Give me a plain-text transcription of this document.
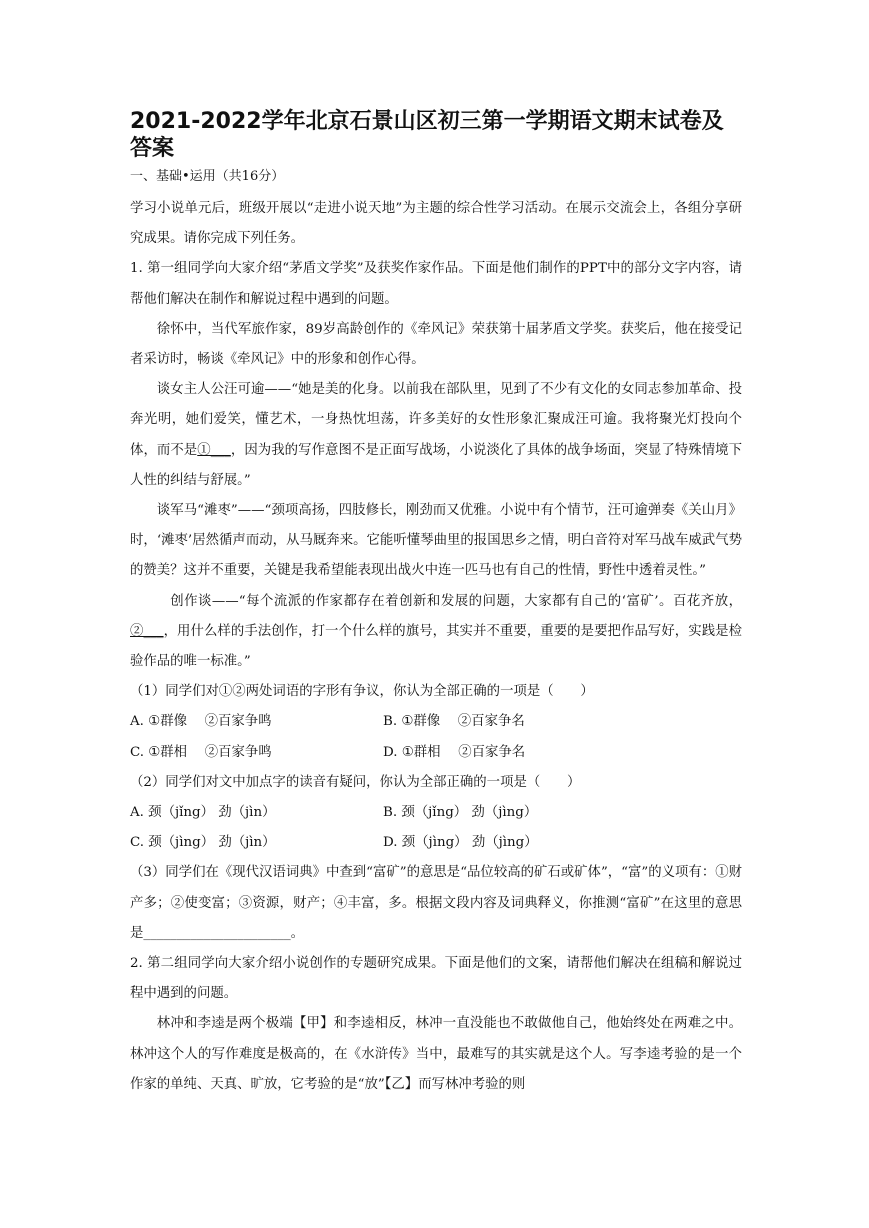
2021-2022学年北京石景山区初三第一学期语文期末试卷及答案
一、基础•运用（共16分）

学习小说单元后，班级开展以“走进小说天地”为主题的综合性学习活动。在展示交流会上，各组分享研究成果。请你完成下列任务。

1. 第一组同学向大家介绍“茅盾文学奖”及获奖作家作品。下面是他们制作的PPT中的部分文字内容，请帮他们解决在制作和解说过程中遇到的问题。

徐怀中，当代军旅作家，89岁高龄创作的《牵风记》荣获第十届茅盾文学奖。获奖后，他在接受记者采访时，畅谈《牵风记》中的形象和创作心得。

谈女主人公汪可逾——“她是美的化身。以前我在部队里，见到了不少有文化的女同志参加革命、投奔光明，她们爱笑，懂艺术，一身热忱坦荡，许多美好的女性形象汇聚成汪可逾。我将聚光灯投向个体，而不是①___，因为我的写作意图不是正面写战场，小说淡化了具体的战争场面，突显了特殊情境下人性的纠结与舒展。”

谈军马“滩枣”——“颈项高扬，四肢修长，刚劲而又优雅。小说中有个情节，汪可逾弹奏《关山月》时，‘滩枣’居然循声而动，从马厩奔来。它能听懂琴曲里的报国思乡之情，明白音符对军马战车威武气势的赞美？这并不重要，关键是我希望能表现出战火中连一匹马也有自己的性情，野性中透着灵性。”

创作谈——“每个流派的作家都存在着创新和发展的问题，大家都有自己的‘富矿’。百花齐放，②___，用什么样的手法创作，打一个什么样的旗号，其实并不重要，重要的是要把作品写好，实践是检验作品的唯一标准。”

（1）同学们对①②两处词语的字形有争议，你认为全部正确的一项是（　　）
A. ①群像　 ②百家争鸣	B. ①群像　 ②百家争名
C. ①群相　 ②百家争鸣	D. ①群相　 ②百家争名
（2）同学们对文中加点字的读音有疑问，你认为全部正确的一项是（　　）
A. 颈（jǐng） 劲（jìn）	B. 颈（jǐng） 劲（jìng）
C. 颈（jìng） 劲（jìn）	D. 颈（jìng） 劲（jìng）

（3）同学们在《现代汉语词典》中查到“富矿”的意思是“品位较高的矿石或矿体”，“富”的义项有：①财产多；②使变富；③资源，财产；④丰富，多。根据文段内容及词典释义，你推测“富矿”在这里的意思是______________________。

2. 第二组同学向大家介绍小说创作的专题研究成果。下面是他们的文案，请帮他们解决在组稿和解说过程中遇到的问题。

林冲和李逵是两个极端【甲】和李逵相反，林冲一直没能也不敢做他自己，他始终处在两难之中。林冲这个人的写作难度是极高的，在《水浒传》当中，最难写的其实就是这个人。写李逵考验的是一个作家的单纯、天真、旷放，它考验的是“放”【乙】而写林冲考验的则
